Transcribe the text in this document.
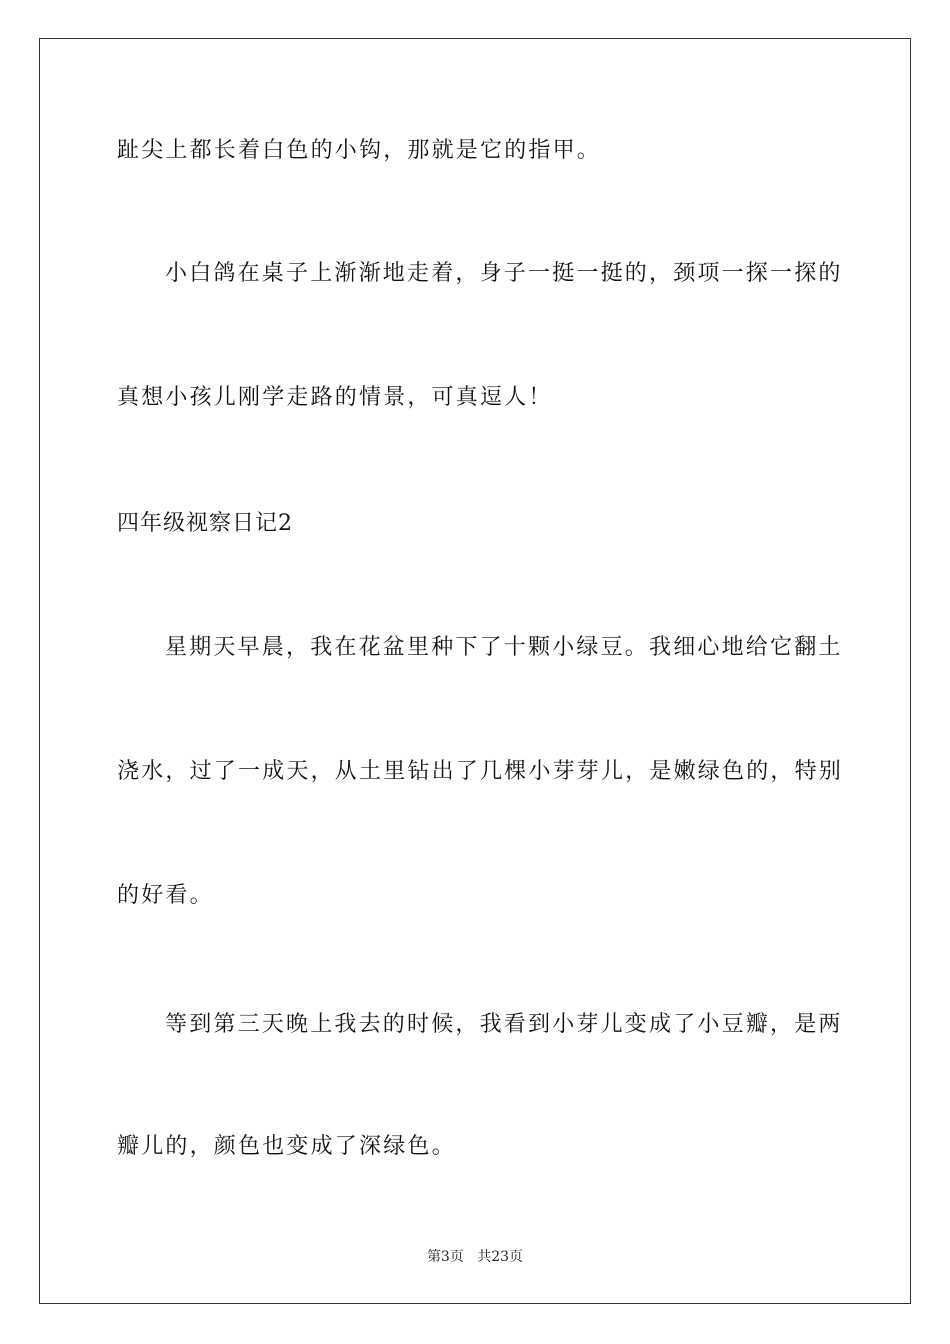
趾尖上都长着白色的小钩，那就是它的指甲。
小白鸽在桌子上渐渐地走着，身子一挺一挺的，颈项一探一探的
真想小孩儿刚学走路的情景，可真逗人！
四年级视察日记2
星期天早晨，我在花盆里种下了十颗小绿豆。我细心地给它翻土
浇水，过了一成天，从土里钻出了几棵小芽芽儿，是嫩绿色的，特别
的好看。
等到第三天晚上我去的时候，我看到小芽儿变成了小豆瓣，是两
瓣儿的，颜色也变成了深绿色。
第3页 共23页
